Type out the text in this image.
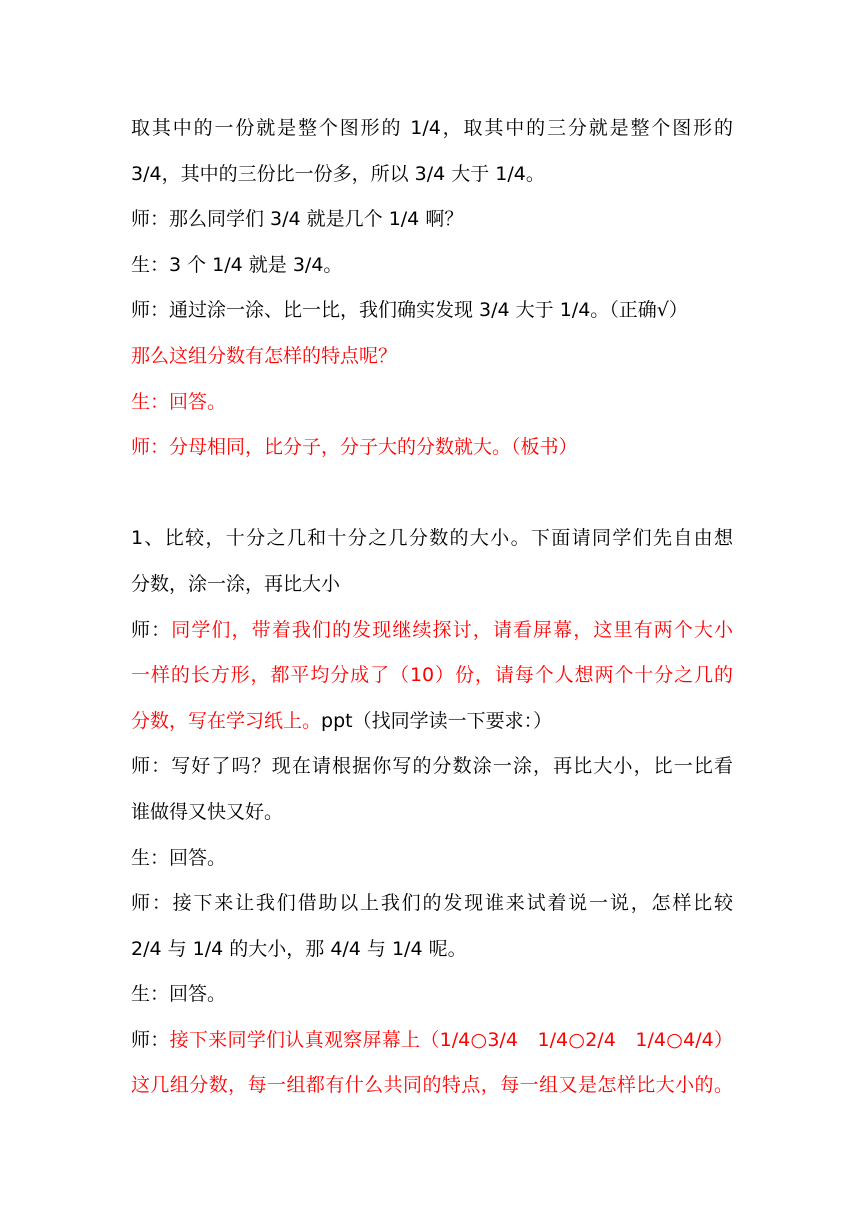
取其中的一份就是整个图形的 1/4，取其中的三分就是整个图形的
3/4，其中的三份比一份多，所以 3/4 大于 1/4。
师：那么同学们 3/4 就是几个 1/4 啊？
生：3 个 1/4 就是 3/4。
师：通过涂一涂、比一比，我们确实发现 3/4 大于 1/4。（正确√）
那么这组分数有怎样的特点呢？
生：回答。
师：分母相同，比分子，分子大的分数就大。（板书）
1、比较，十分之几和十分之几分数的大小。下面请同学们先自由想
分数，涂一涂，再比大小
师：同学们，带着我们的发现继续探讨，请看屏幕，这里有两个大小
一样的长方形，都平均分成了（10）份，请每个人想两个十分之几的
分数，写在学习纸上。ppt（找同学读一下要求：）
师：写好了吗？现在请根据你写的分数涂一涂，再比大小，比一比看
谁做得又快又好。
生：回答。
师：接下来让我们借助以上我们的发现谁来试着说一说，怎样比较
2/4 与 1/4 的大小，那 4/4 与 1/4 呢。
生：回答。
师：接下来同学们认真观察屏幕上（1/4○3/4　1/4○2/4　1/4○4/4）
这几组分数，每一组都有什么共同的特点，每一组又是怎样比大小的。
